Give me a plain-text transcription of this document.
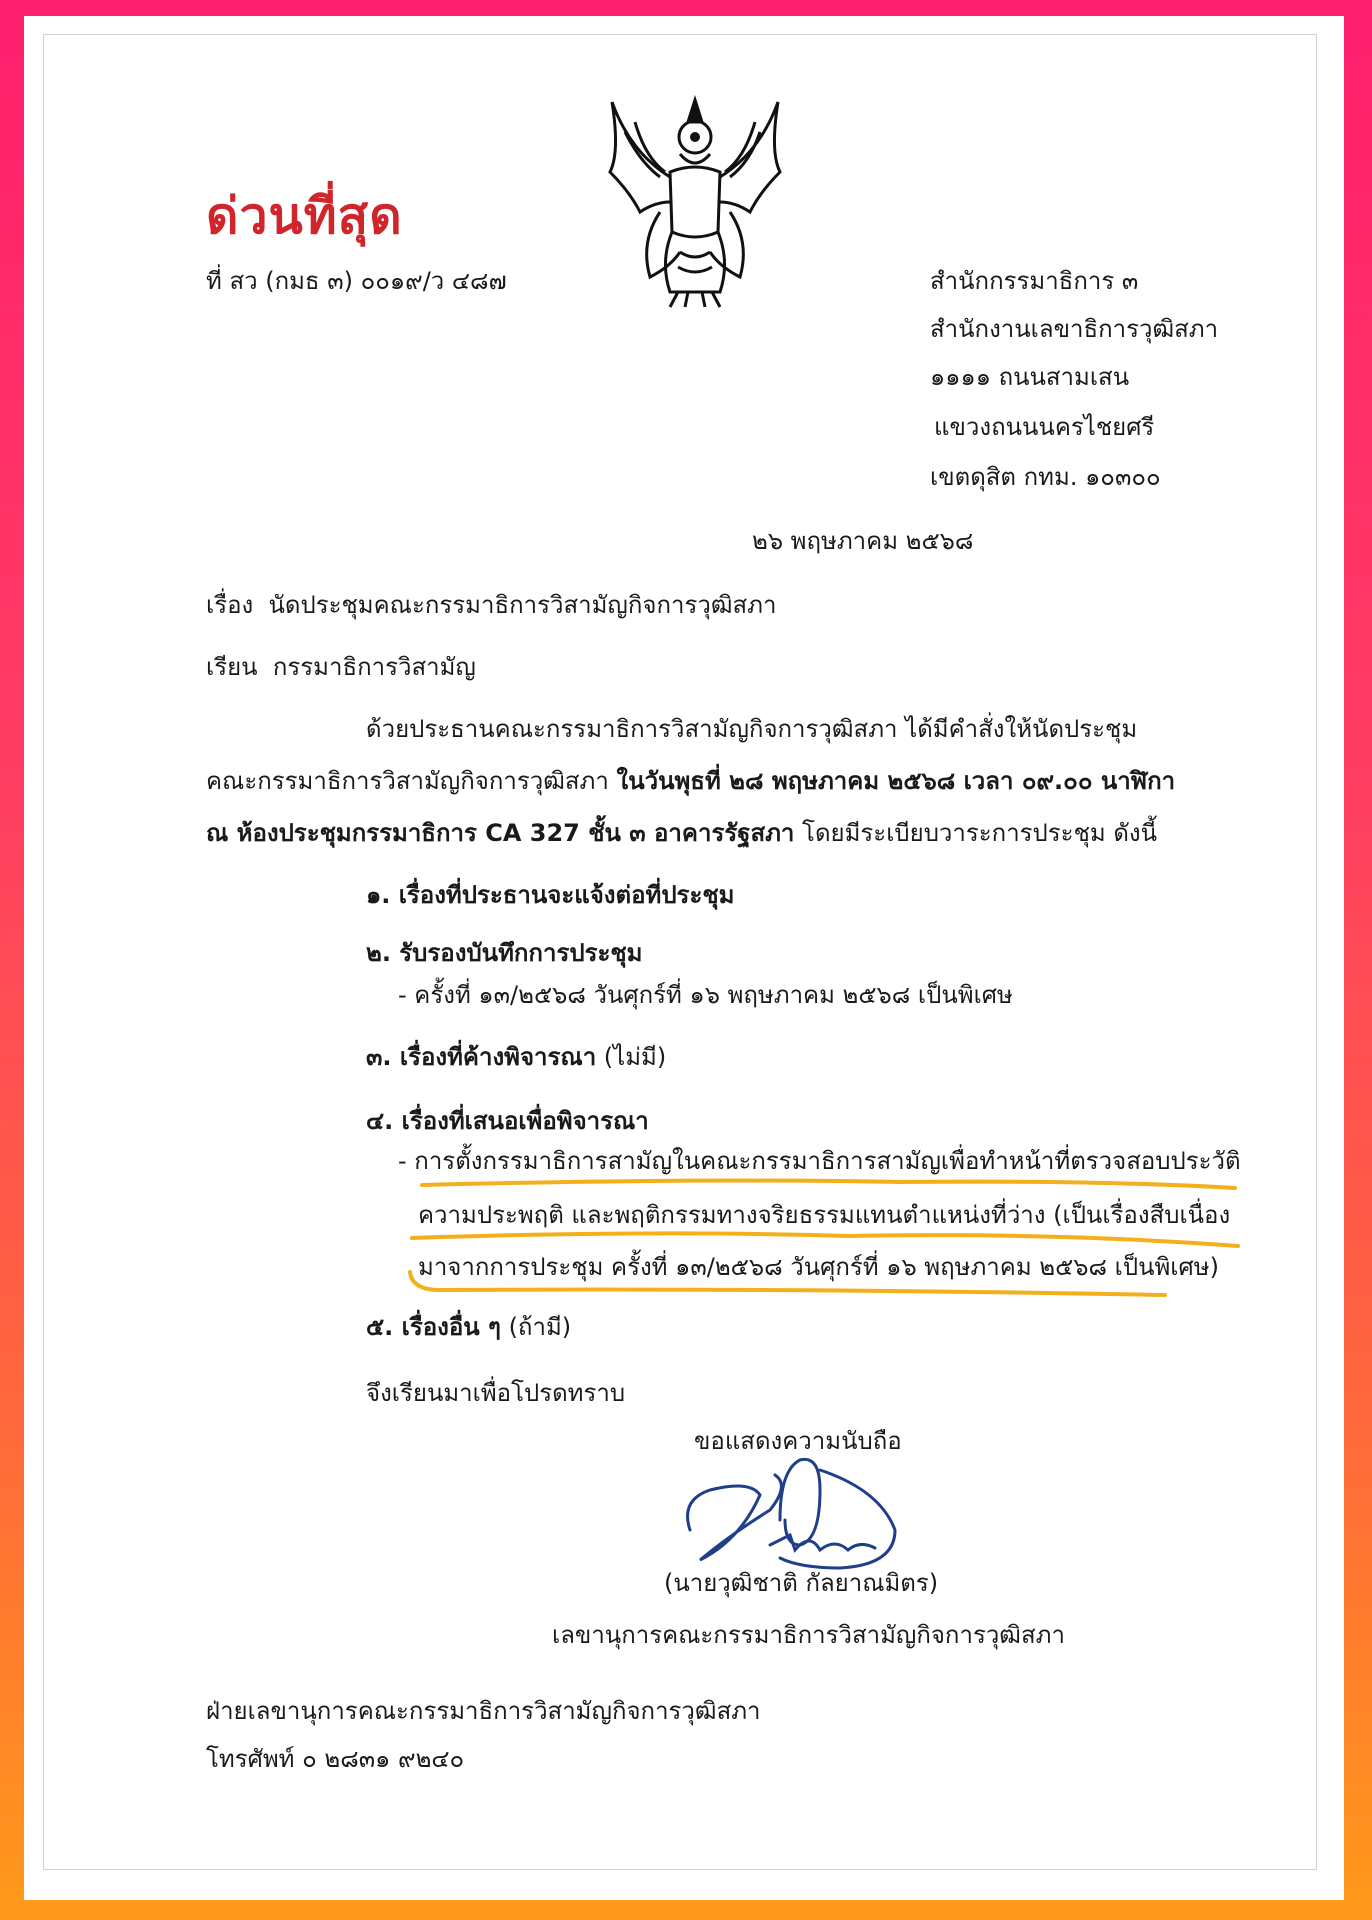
ด่วนที่สุด
ที่ สว (กมธ ๓) ๐๐๑๙/ว ๔๘๗	สำนักกรรมาธิการ ๓
สำนักงานเลขาธิการวุฒิสภา
๑๑๑๑ ถนนสามเสน
แขวงถนนนครไชยศรี
เขตดุสิต กทม. ๑๐๓๐๐
๒๖ พฤษภาคม ๒๕๖๘
เรื่อง นัดประชุมคณะกรรมาธิการวิสามัญกิจการวุฒิสภา
เรียน กรรมาธิการวิสามัญ
ด้วยประธานคณะกรรมาธิการวิสามัญกิจการวุฒิสภา ได้มีคำสั่งให้นัดประชุม
คณะกรรมาธิการวิสามัญกิจการวุฒิสภา ในวันพุธที่ ๒๘ พฤษภาคม ๒๕๖๘ เวลา ๐๙.๐๐ นาฬิกา
ณ ห้องประชุมกรรมาธิการ CA 327 ชั้น ๓ อาคารรัฐสภา โดยมีระเบียบวาระการประชุม ดังนี้
๑. เรื่องที่ประธานจะแจ้งต่อที่ประชุม
๒. รับรองบันทึกการประชุม
- ครั้งที่ ๑๓/๒๕๖๘ วันศุกร์ที่ ๑๖ พฤษภาคม ๒๕๖๘ เป็นพิเศษ
๓. เรื่องที่ค้างพิจารณา (ไม่มี)
๔. เรื่องที่เสนอเพื่อพิจารณา
- การตั้งกรรมาธิการสามัญในคณะกรรมาธิการสามัญเพื่อทำหน้าที่ตรวจสอบประวัติ
ความประพฤติ และพฤติกรรมทางจริยธรรมแทนตำแหน่งที่ว่าง (เป็นเรื่องสืบเนื่อง
มาจากการประชุม ครั้งที่ ๑๓/๒๕๖๘ วันศุกร์ที่ ๑๖ พฤษภาคม ๒๕๖๘ เป็นพิเศษ)
๕. เรื่องอื่น ๆ (ถ้ามี)
จึงเรียนมาเพื่อโปรดทราบ
ขอแสดงความนับถือ
(นายวุฒิชาติ กัลยาณมิตร)
เลขานุการคณะกรรมาธิการวิสามัญกิจการวุฒิสภา
ฝ่ายเลขานุการคณะกรรมาธิการวิสามัญกิจการวุฒิสภา
โทรศัพท์ ๐ ๒๘๓๑ ๙๒๔๐
